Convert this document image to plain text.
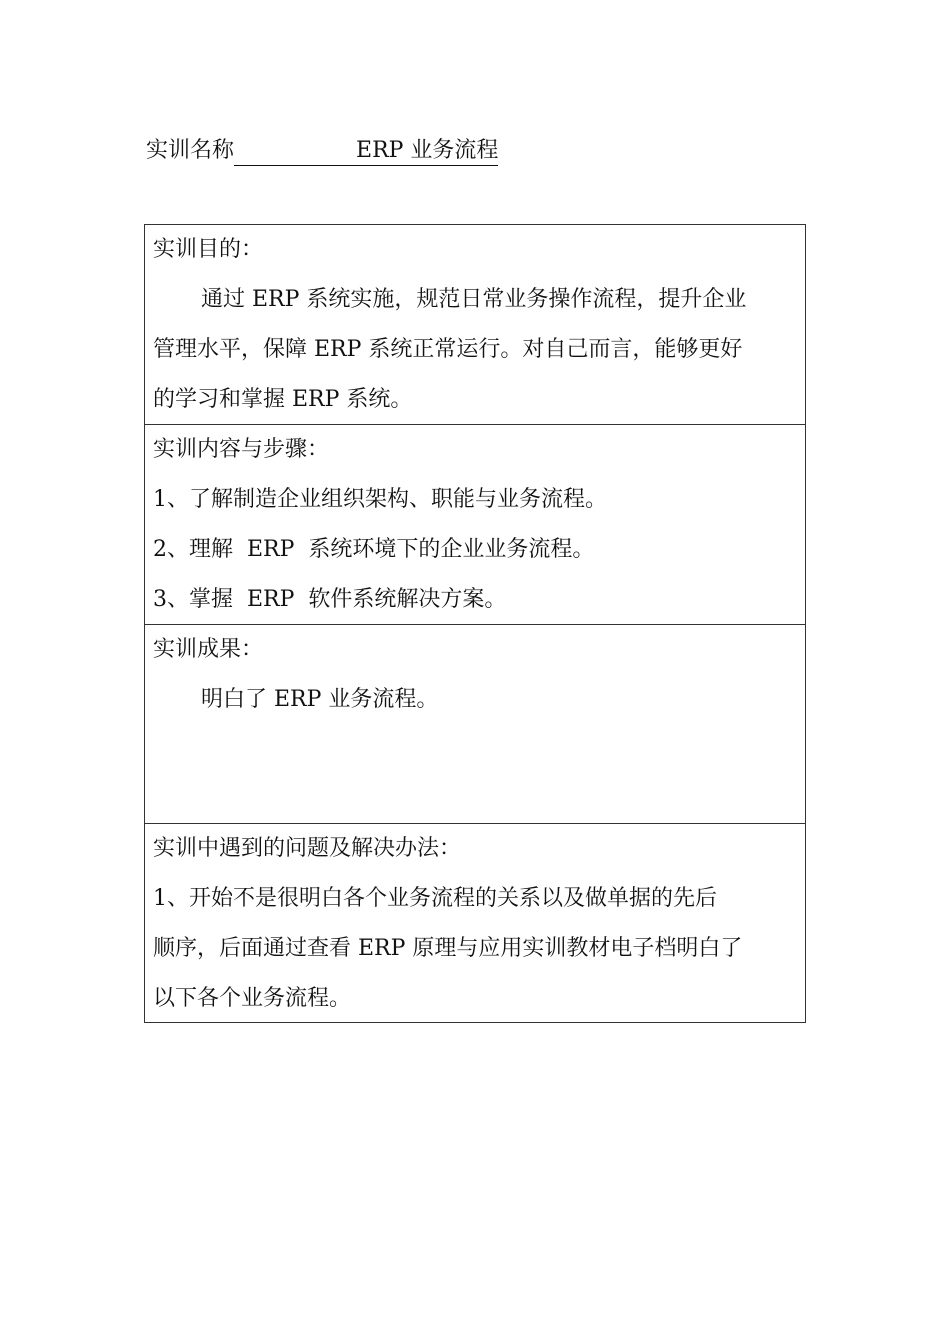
实训名称	ERP 业务流程
实训目的：
通过 ERP 系统实施，规范日常业务操作流程，提升企业
管理水平，保障 ERP 系统正常运行。对自己而言，能够更好
的学习和掌握 ERP 系统。
实训内容与步骤：
1、了解制造企业组织架构、职能与业务流程。
2、理解  ERP  系统环境下的企业业务流程。
3、掌握  ERP  软件系统解决方案。
实训成果：
明白了 ERP 业务流程。
实训中遇到的问题及解决办法：
1、开始不是很明白各个业务流程的关系以及做单据的先后
顺序，后面通过查看 ERP 原理与应用实训教材电子档明白了
以下各个业务流程。
